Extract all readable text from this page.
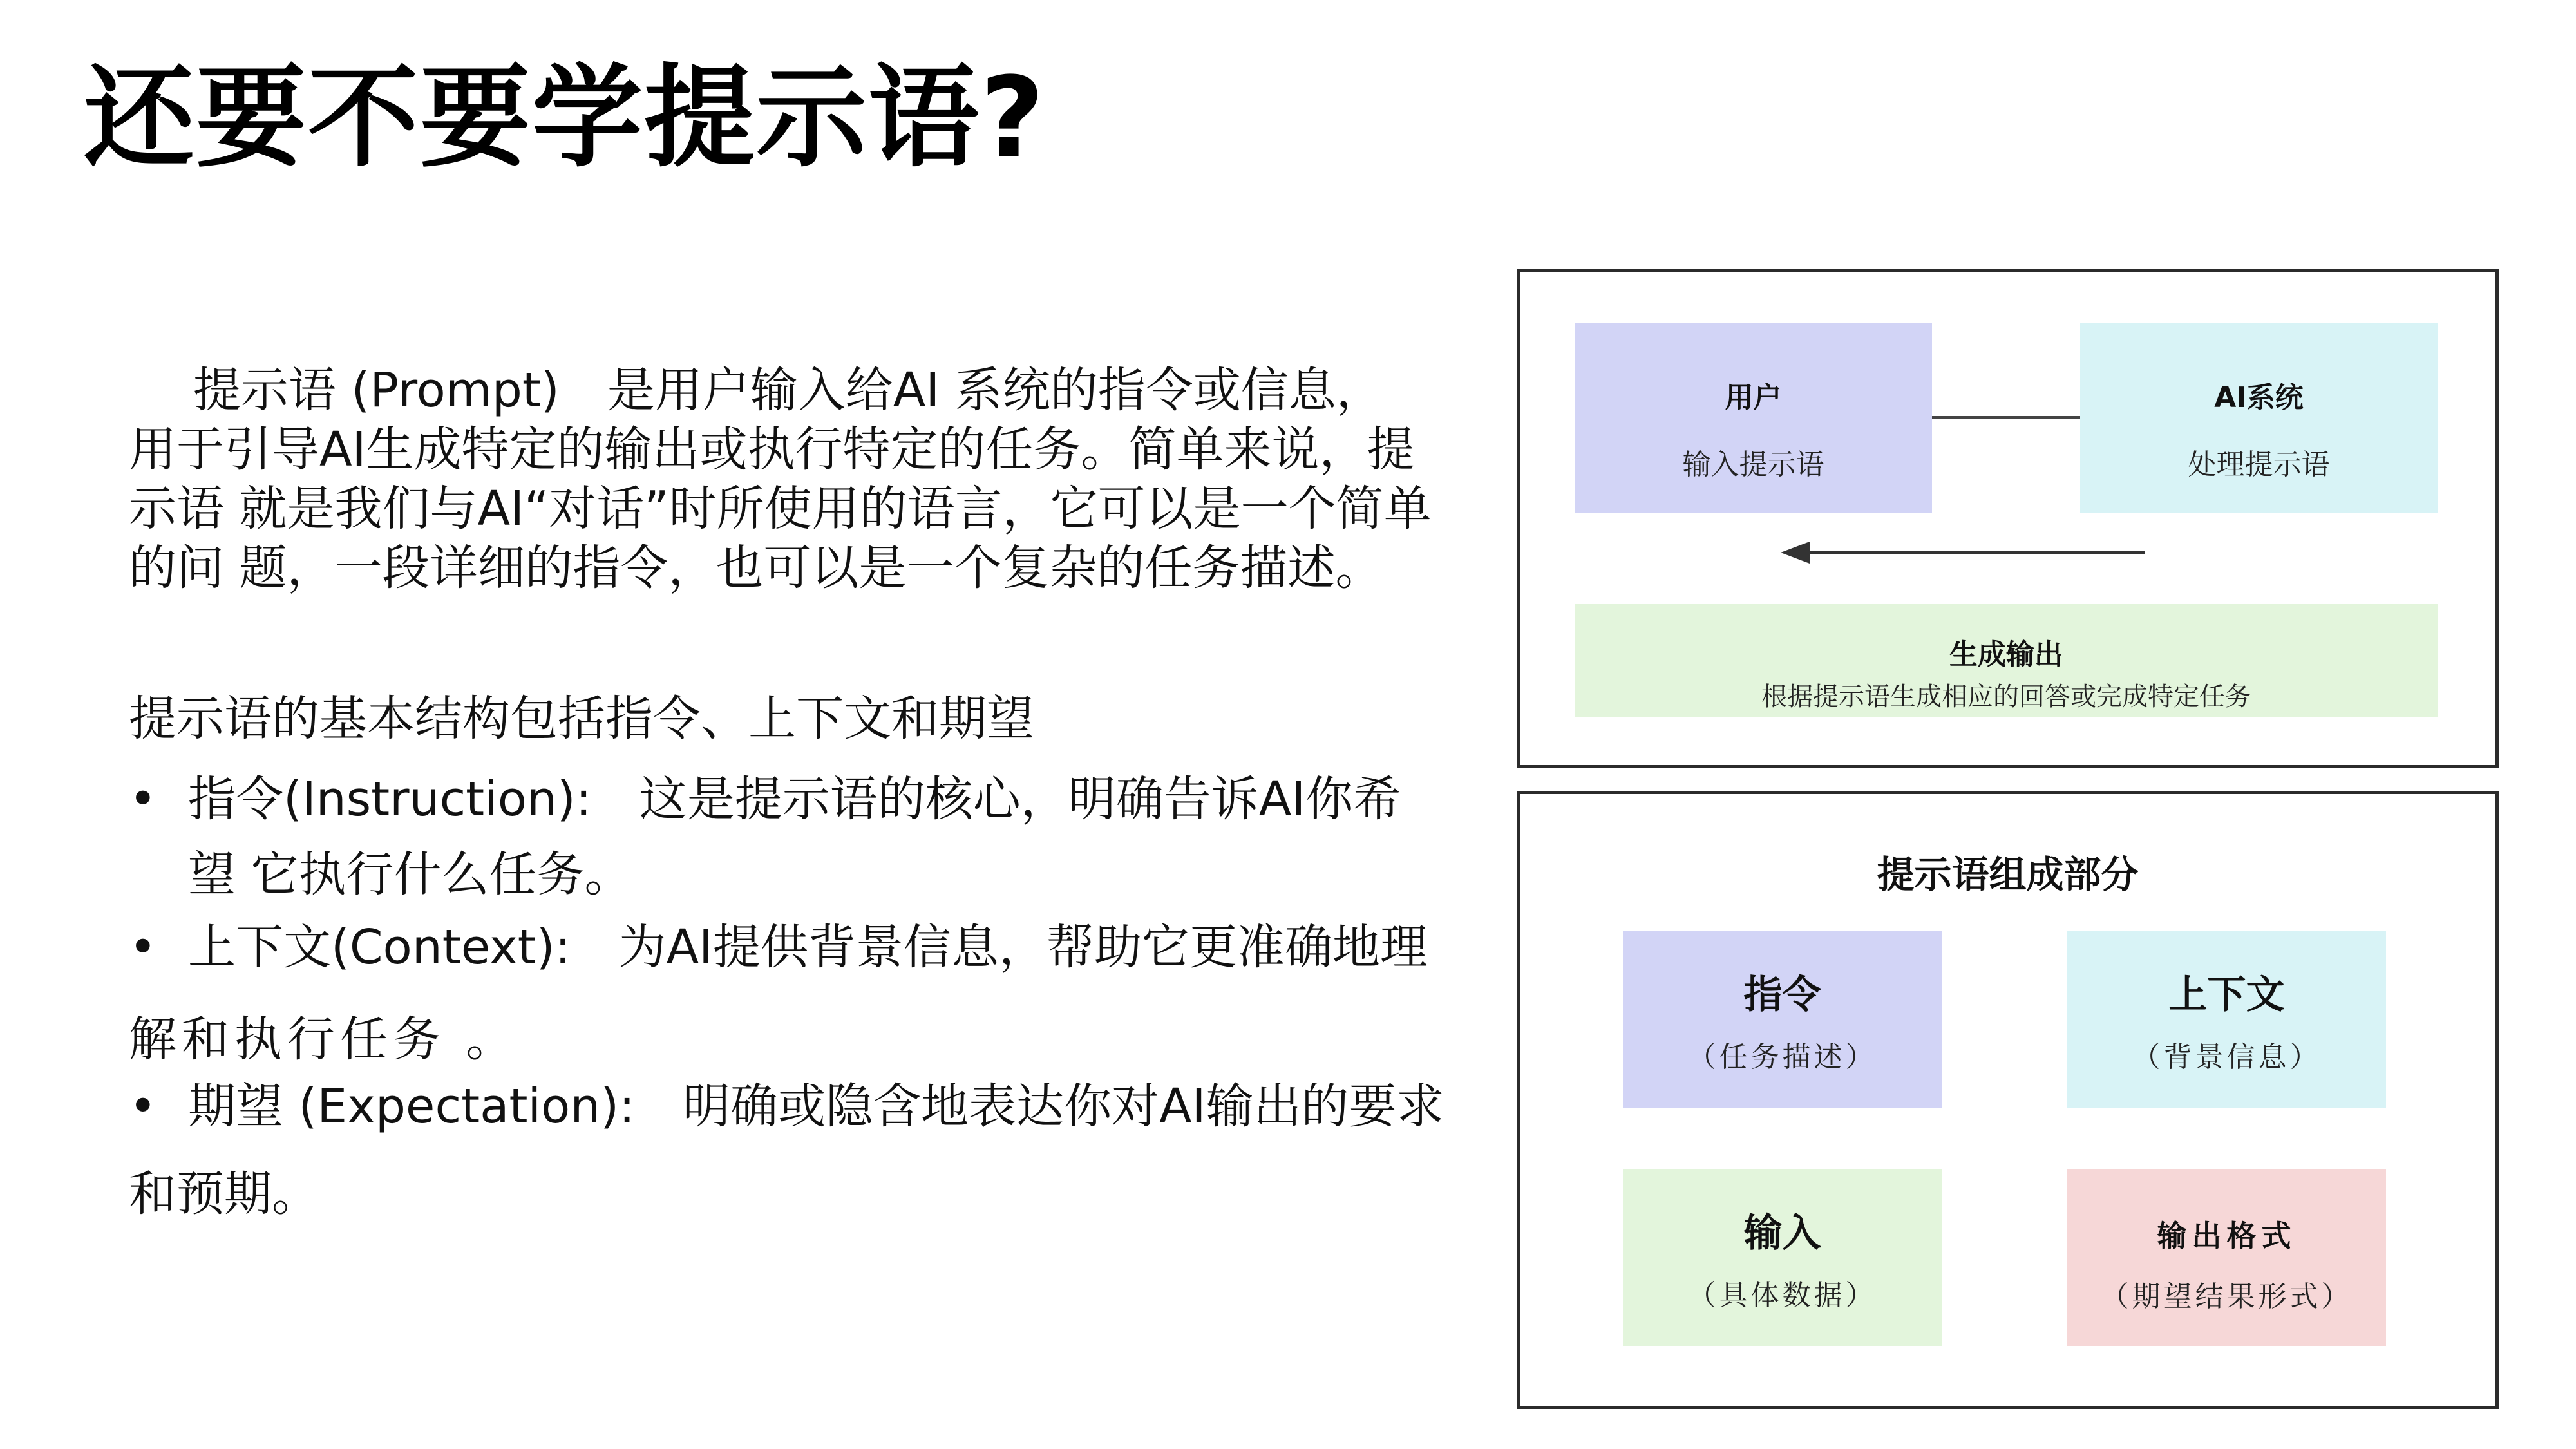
还要不要学提示语?
提示语 (Prompt)　是用户输入给AI 系统的指令或信息，
用于引导AI生成特定的输出或执行特定的任务。简单来说，提
示语 就是我们与AI“对话”时所使用的语言，它可以是一个简单
的问 题，一段详细的指令，也可以是一个复杂的任务描述。
提示语的基本结构包括指令、上下文和期望
• 指令(Instruction):　这是提示语的核心，明确告诉AI你希
望 它执行什么任务。
• 上下文(Context):　为AI提供背景信息，帮助它更准确地理
解和执行任务 。
• 期望 (Expectation):　明确或隐含地表达你对AI输出的要求
和预期。
用户
输入提示语
AI系统
处理提示语
生成输出
根据提示语生成相应的回答或完成特定任务
提示语组成部分
指令
（任务描述）
上下文
（背景信息）
输入
（具体数据）
输出格式
（期望结果形式）
